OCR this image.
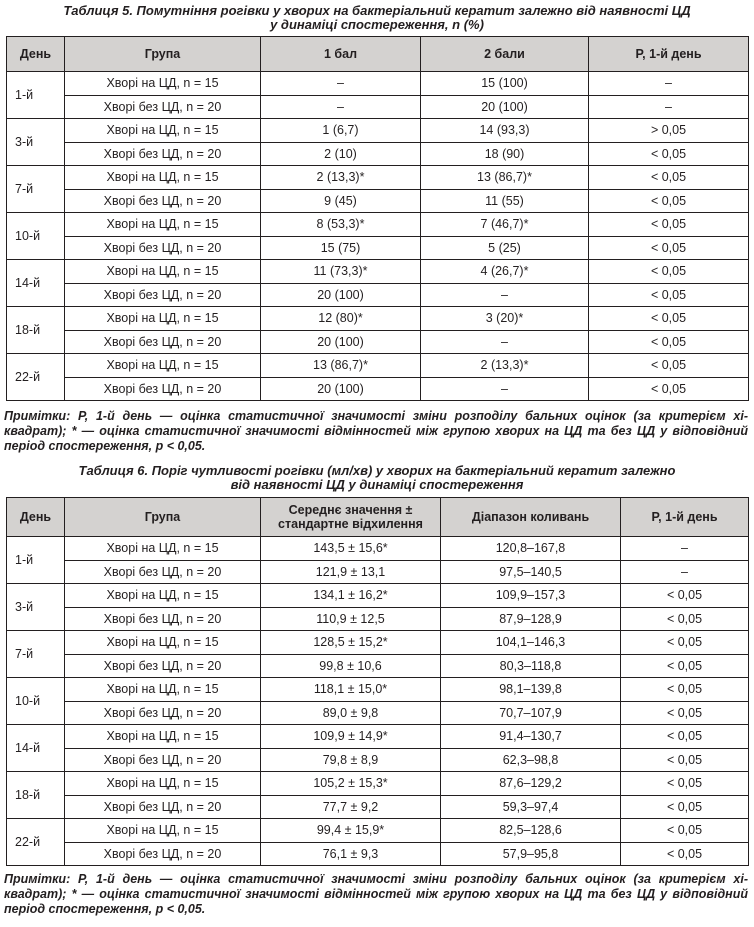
Таблиця 5. Помутніння рогівки у хворих на бактеріальний кератит залежно від наявності ЦД
у динаміці спостереження, n (%)
День	Група	1 бал	2 бали	P, 1-й день
1-й	Хворі на ЦД, n = 15	–	15 (100)	–
	Хворі без ЦД, n = 20	–	20 (100)	–
3-й	Хворі на ЦД, n = 15	1 (6,7)	14 (93,3)	> 0,05
	Хворі без ЦД, n = 20	2 (10)	18 (90)	< 0,05
7-й	Хворі на ЦД, n = 15	2 (13,3)*	13 (86,7)*	< 0,05
	Хворі без ЦД, n = 20	9 (45)	11 (55)	< 0,05
10-й	Хворі на ЦД, n = 15	8 (53,3)*	7 (46,7)*	< 0,05
	Хворі без ЦД, n = 20	15 (75)	5 (25)	< 0,05
14-й	Хворі на ЦД, n = 15	11 (73,3)*	4 (26,7)*	< 0,05
	Хворі без ЦД, n = 20	20 (100)	–	< 0,05
18-й	Хворі на ЦД, n = 15	12 (80)*	3 (20)*	< 0,05
	Хворі без ЦД, n = 20	20 (100)	–	< 0,05
22-й	Хворі на ЦД, n = 15	13 (86,7)*	2 (13,3)*	< 0,05
	Хворі без ЦД, n = 20	20 (100)	–	< 0,05
Примітки: P, 1-й день — оцінка статистичної значимості зміни розподілу бальних оцінок (за критерієм хі-квадрат); * — оцінка статистичної значимості відмінностей між групою хворих на ЦД та без ЦД у відповідний період спостереження, p < 0,05.
Таблиця 6. Поріг чутливості рогівки (мл/хв) у хворих на бактеріальний кератит залежно
від наявності ЦД у динаміці спостереження
День	Група	Середнє значення ± стандартне відхилення	Діапазон коливань	P, 1-й день
1-й	Хворі на ЦД, n = 15	143,5 ± 15,6*	120,8–167,8	–
	Хворі без ЦД, n = 20	121,9 ± 13,1	97,5–140,5	–
3-й	Хворі на ЦД, n = 15	134,1 ± 16,2*	109,9–157,3	< 0,05
	Хворі без ЦД, n = 20	110,9 ± 12,5	87,9–128,9	< 0,05
7-й	Хворі на ЦД, n = 15	128,5 ± 15,2*	104,1–146,3	< 0,05
	Хворі без ЦД, n = 20	99,8 ± 10,6	80,3–118,8	< 0,05
10-й	Хворі на ЦД, n = 15	118,1 ± 15,0*	98,1–139,8	< 0,05
	Хворі без ЦД, n = 20	89,0 ± 9,8	70,7–107,9	< 0,05
14-й	Хворі на ЦД, n = 15	109,9 ± 14,9*	91,4–130,7	< 0,05
	Хворі без ЦД, n = 20	79,8 ± 8,9	62,3–98,8	< 0,05
18-й	Хворі на ЦД, n = 15	105,2 ± 15,3*	87,6–129,2	< 0,05
	Хворі без ЦД, n = 20	77,7 ± 9,2	59,3–97,4	< 0,05
22-й	Хворі на ЦД, n = 15	99,4 ± 15,9*	82,5–128,6	< 0,05
	Хворі без ЦД, n = 20	76,1 ± 9,3	57,9–95,8	< 0,05
Примітки: P, 1-й день — оцінка статистичної значимості зміни розподілу бальних оцінок (за критерієм хі-квадрат); * — оцінка статистичної значимості відмінностей між групою хворих на ЦД та без ЦД у відповідний період спостереження, p < 0,05.
